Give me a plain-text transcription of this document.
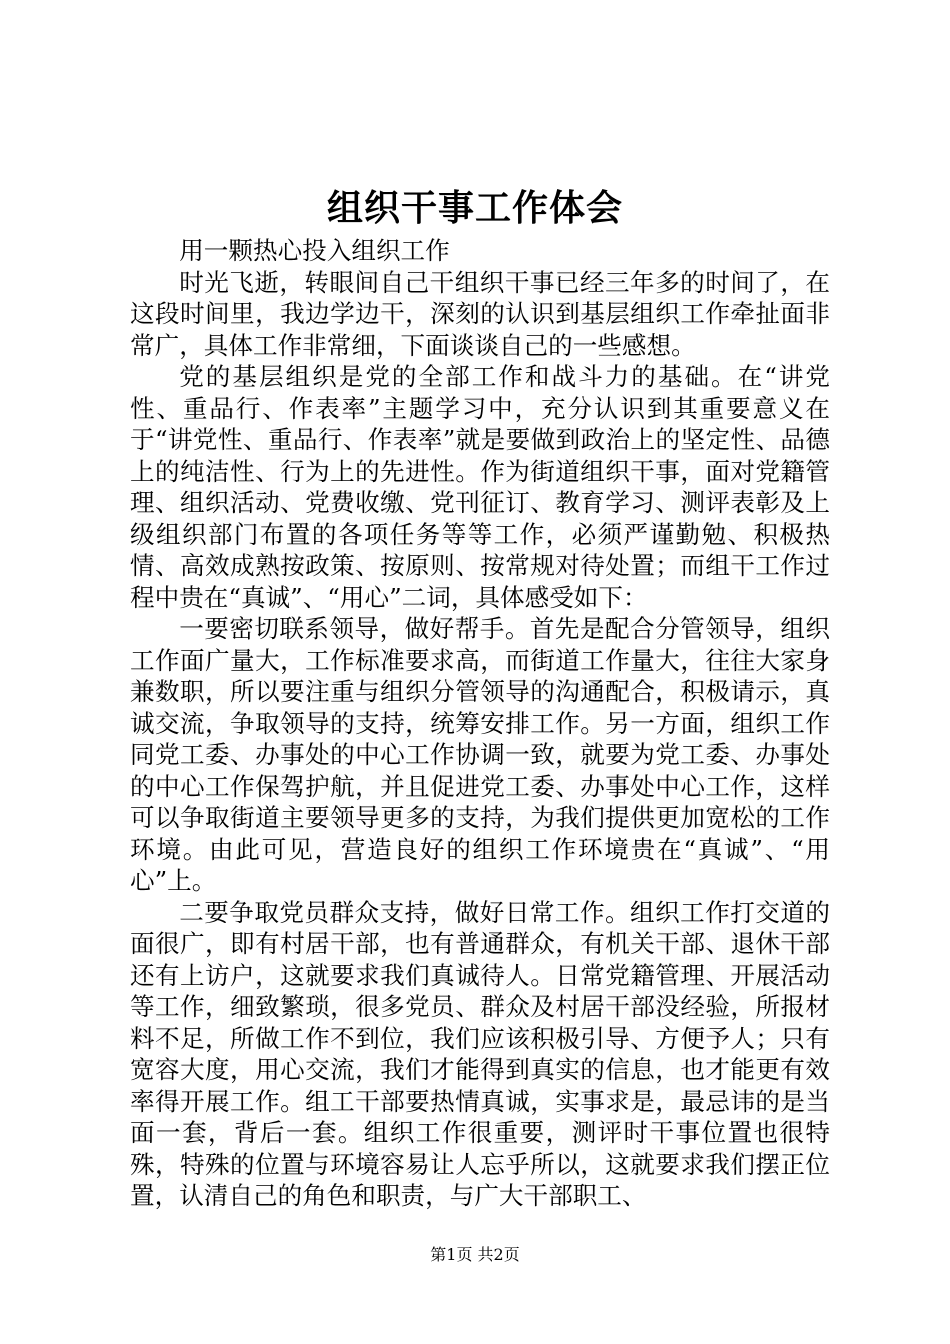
组织干事工作体会

用一颗热心投入组织工作

时光飞逝，转眼间自己干组织干事已经三年多的时间了，在这段时间里，我边学边干，深刻的认识到基层组织工作牵扯面非常广，具体工作非常细，下面谈谈自己的一些感想。

党的基层组织是党的全部工作和战斗力的基础。在“讲党性、重品行、作表率”主题学习中，充分认识到其重要意义在于“讲党性、重品行、作表率”就是要做到政治上的坚定性、品德上的纯洁性、行为上的先进性。作为街道组织干事，面对党籍管理、组织活动、党费收缴、党刊征订、教育学习、测评表彰及上级组织部门布置的各项任务等等工作，必须严谨勤勉、积极热情、高效成熟按政策、按原则、按常规对待处置；而组干工作过程中贵在“真诚”、“用心”二词，具体感受如下：

一要密切联系领导，做好帮手。首先是配合分管领导，组织工作面广量大，工作标准要求高，而街道工作量大，往往大家身兼数职，所以要注重与组织分管领导的沟通配合，积极请示，真诚交流，争取领导的支持，统筹安排工作。另一方面，组织工作同党工委、办事处的中心工作协调一致，就要为党工委、办事处的中心工作保驾护航，并且促进党工委、办事处中心工作，这样可以争取街道主要领导更多的支持，为我们提供更加宽松的工作环境。由此可见，营造良好的组织工作环境贵在“真诚”、“用心”上。

二要争取党员群众支持，做好日常工作。组织工作打交道的面很广，即有村居干部，也有普通群众，有机关干部、退休干部还有上访户，这就要求我们真诚待人。日常党籍管理、开展活动等工作，细致繁琐，很多党员、群众及村居干部没经验，所报材料不足，所做工作不到位，我们应该积极引导、方便予人；只有宽容大度，用心交流，我们才能得到真实的信息，也才能更有效率得开展工作。组工干部要热情真诚，实事求是，最忌讳的是当面一套，背后一套。组织工作很重要，测评时干事位置也很特殊，特殊的位置与环境容易让人忘乎所以，这就要求我们摆正位置，认清自己的角色和职责，与广大干部职工、

第1页 共2页
